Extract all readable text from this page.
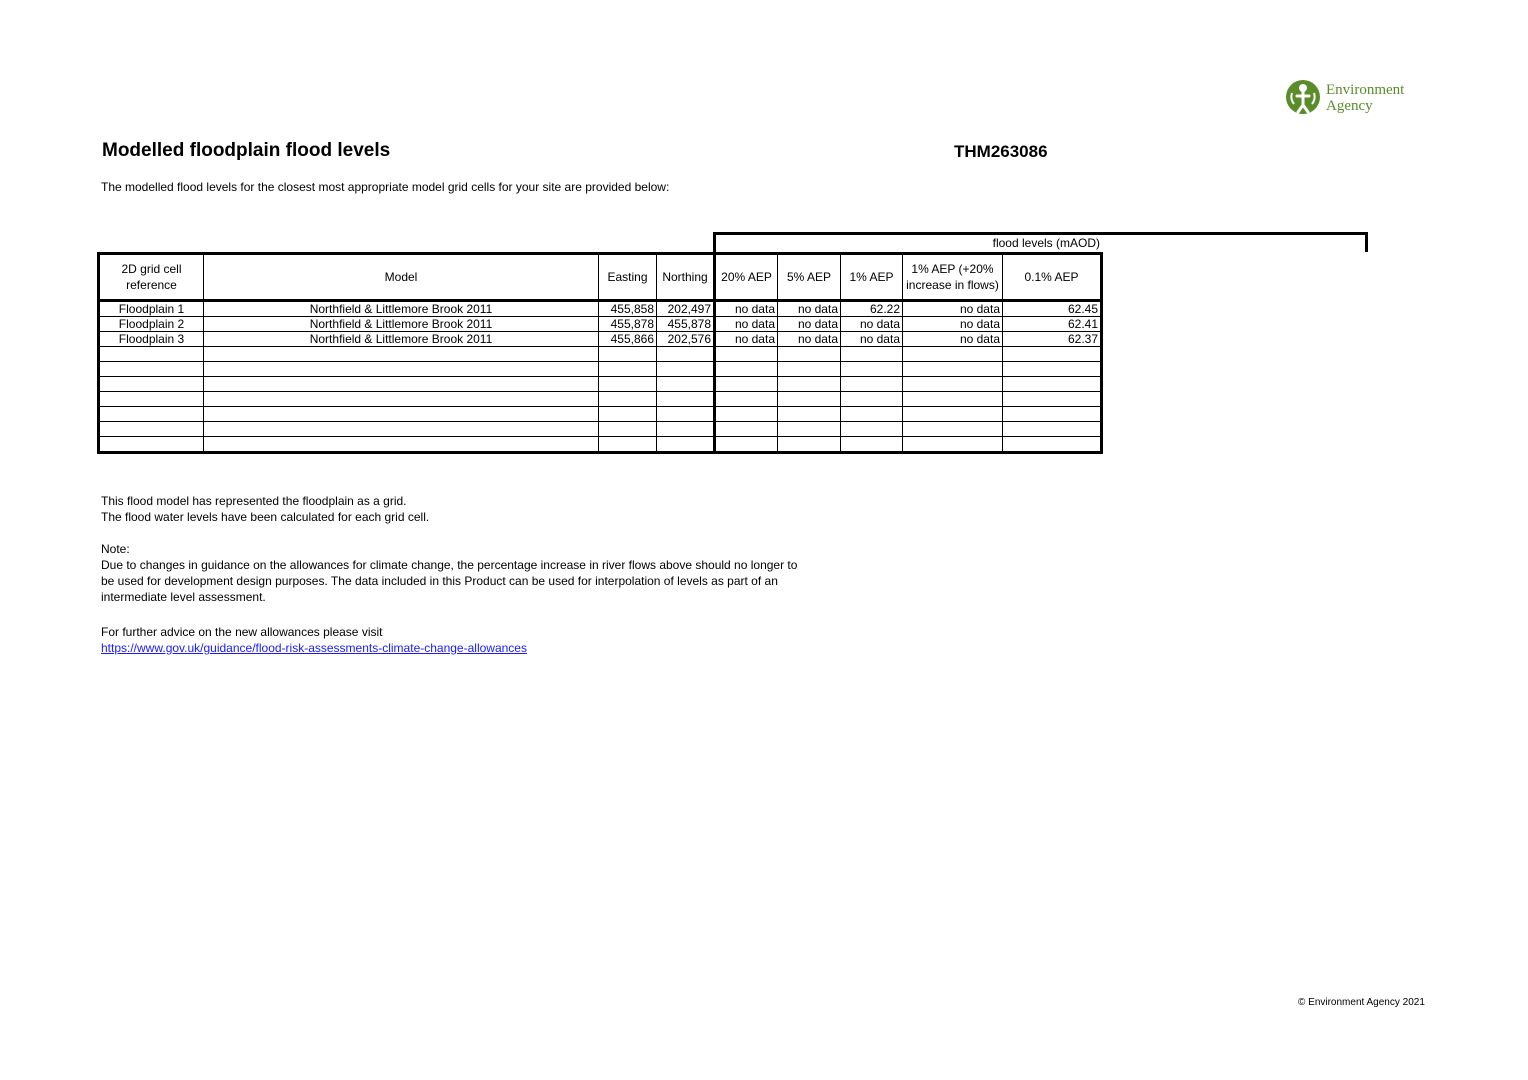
Environment
Agency
Modelled floodplain flood levels	THM263086
The modelled flood levels for the closest most appropriate model grid cells for your site are provided below:
flood levels (mAOD)
2D grid cell reference	Model	Easting	Northing	20% AEP	5% AEP	1% AEP	1% AEP (+20% increase in flows)	0.1% AEP
Floodplain 1	Northfield & Littlemore Brook 2011	455,858	202,497	no data	no data	62.22	no data	62.45
Floodplain 2	Northfield & Littlemore Brook 2011	455,878	455,878	no data	no data	no data	no data	62.41
Floodplain 3	Northfield & Littlemore Brook 2011	455,866	202,576	no data	no data	no data	no data	62.37

This flood model has represented the floodplain as a grid.

The flood water levels have been calculated for each grid cell.

Note:

Due to changes in guidance on the allowances for climate change, the percentage increase in river flows above should no longer to

be used for development design purposes. The data included in this Product can be used for interpolation of levels as part of an

intermediate level assessment.

For further advice on the new allowances please visit

https://www.gov.uk/guidance/flood-risk-assessments-climate-change-allowances

© Environment Agency 2021
